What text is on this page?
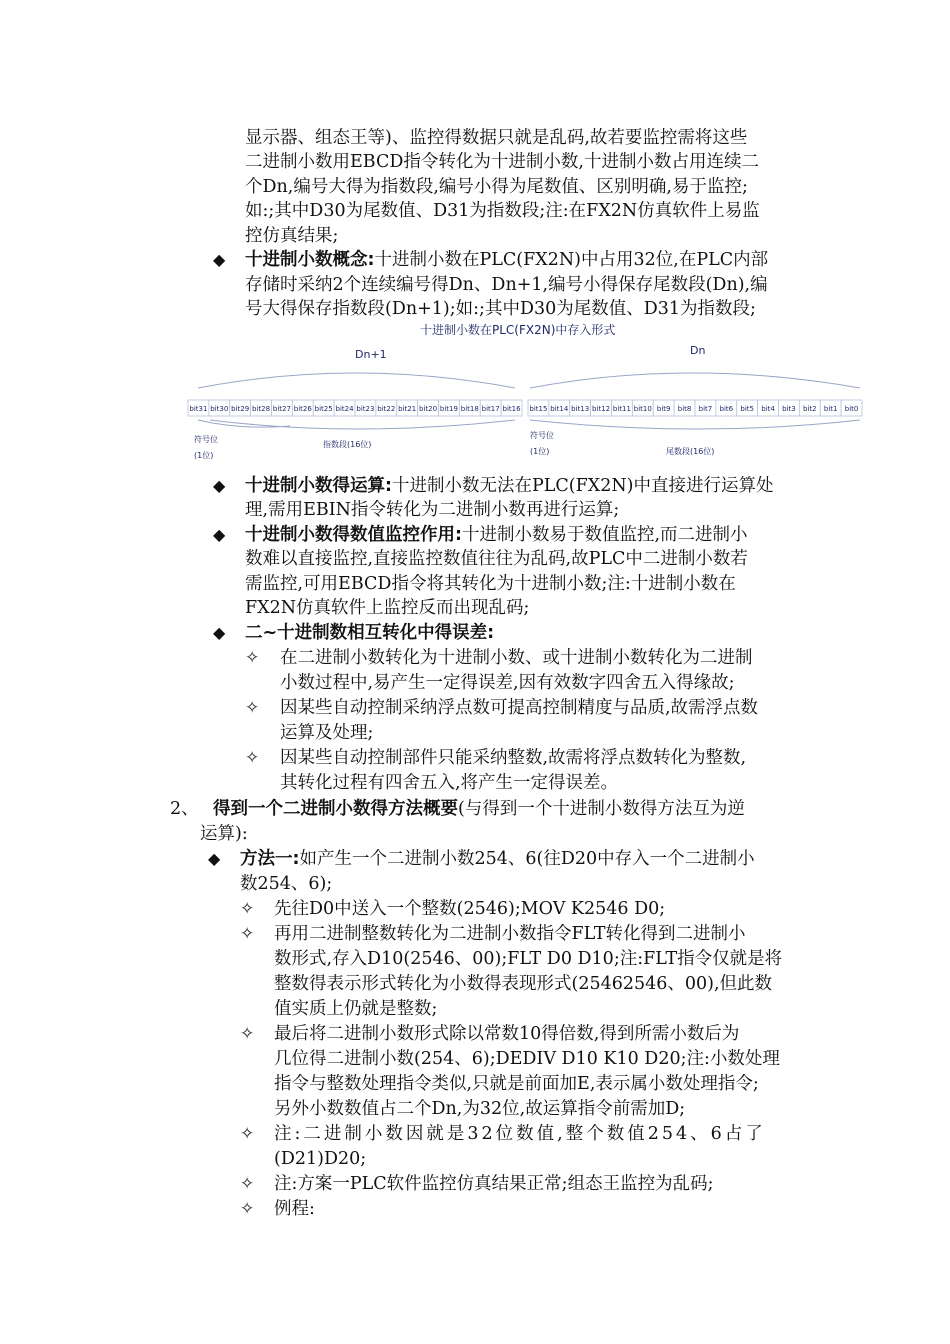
显示器、组态王等)、监控得数据只就是乱码,故若要监控需将这些
二进制小数用EBCD指令转化为十进制小数,十进制小数占用连续二
个Dn,编号大得为指数段,编号小得为尾数值、区别明确,易于监控;
如:;其中D30为尾数值、D31为指数段;注:在FX2N仿真软件上易监
控仿真结果;
◆ 十进制小数概念:十进制小数在PLC(FX2N)中占用32位,在PLC内部
存储时采纳2个连续编号得Dn、Dn+1,编号小得保存尾数段(Dn),编
号大得保存指数段(Dn+1);如:;其中D30为尾数值、D31为指数段;
十进制小数在PLC(FX2N)中存入形式
Dn+1	Dn
bit31 bit30 bit29 bit28 bit27 bit26 bit25 bit24 bit23 bit22 bit21 bit20 bit19 bit18 bit17 bit16 bit15 bit14 bit13 bit12 bit11 bit10 bit9 bit8 bit7 bit6 bit5 bit4 bit3 bit2 bit1 bit0
符号位
(1位)
指数段(16位)
符号位
(1位)	尾数段(16位)
◆ 十进制小数得运算:十进制小数无法在PLC(FX2N)中直接进行运算处
理,需用EBIN指令转化为二进制小数再进行运算;
◆ 十进制小数得数值监控作用:十进制小数易于数值监控,而二进制小
数难以直接监控,直接监控数值往往为乱码,故PLC中二进制小数若
需监控,可用EBCD指令将其转化为十进制小数;注:十进制小数在
FX2N仿真软件上监控反而出现乱码;
◆ 二~十进制数相互转化中得误差:
✧ 在二进制小数转化为十进制小数、或十进制小数转化为二进制
小数过程中,易产生一定得误差,因有效数字四舍五入得缘故;
✧ 因某些自动控制采纳浮点数可提高控制精度与品质,故需浮点数
运算及处理;
✧ 因某些自动控制部件只能采纳整数,故需将浮点数转化为整数,
其转化过程有四舍五入,将产生一定得误差。
2、 得到一个二进制小数得方法概要(与得到一个十进制小数得方法互为逆
运算):
◆ 方法一:如产生一个二进制小数254、6(往D20中存入一个二进制小
数254、6);
✧ 先往D0中送入一个整数(2546);MOV K2546 D0;
✧ 再用二进制整数转化为二进制小数指令FLT转化得到二进制小
数形式,存入D10(2546、00);FLT D0 D10;注:FLT指令仅就是将
整数得表示形式转化为小数得表现形式(25462546、00),但此数
值实质上仍就是整数;
✧ 最后将二进制小数形式除以常数10得倍数,得到所需小数后为
几位得二进制小数(254、6);DEDIV D10 K10 D20;注:小数处理
指令与整数处理指令类似,只就是前面加E,表示属小数处理指令;
另外小数数值占二个Dn,为32位,故运算指令前需加D;
✧ 注:二进制小数因就是32位数值,整个数值254、6占了
(D21)D20;
✧ 注:方案一PLC软件监控仿真结果正常;组态王监控为乱码;
✧ 例程:
